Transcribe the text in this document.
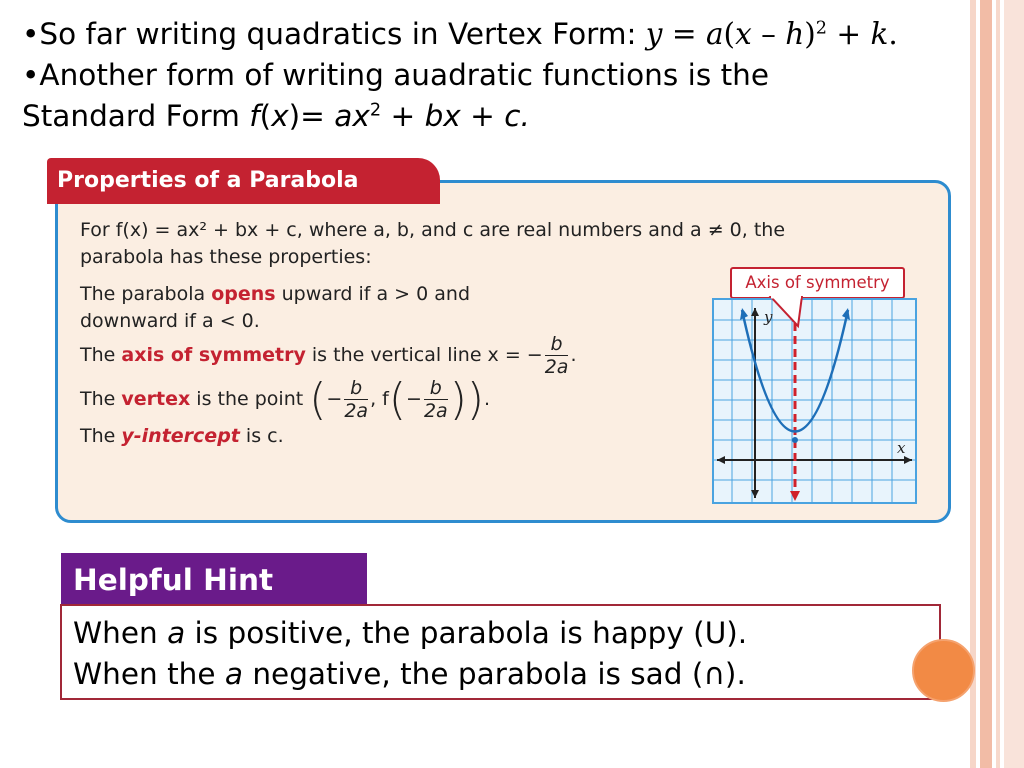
•So far writing quadratics in Vertex Form: y = a(x – h)$^2$ + k.

•Another form of writing auadratic functions is the

Standard Form $f(x)= ax^2$ + bx + c.

Properties of a Parabola
For f(x) = ax² + bx + c, where a, b, and c are real numbers and a ≠ 0, the
parabola has these properties:
The parabola opens upward if a > 0 and
downward if a < 0.
The axis of symmetry is the vertical line x = − $\frac{b}{2a}$ .
The vertex is the point (− $\frac{b}{2a}$ , $f(- \frac{b}{2a}$ )).
The y-intercept is c.
Axis of symmetry
y
x
Helpful Hint

When a is positive, the parabola is happy (U).

When the a negative, the parabola is sad (∩).
